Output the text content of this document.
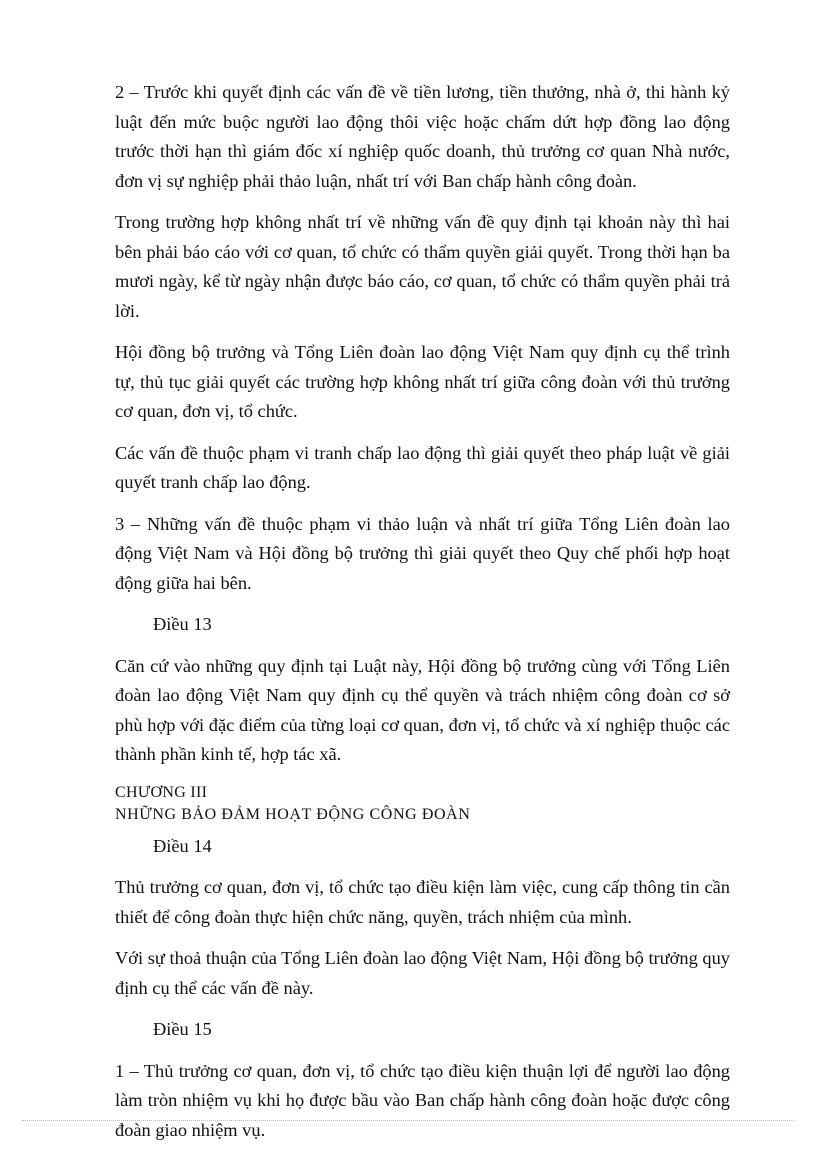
2 – Trước khi quyết định các vấn đề về tiền lương, tiền thưởng, nhà ở, thi hành kỷ luật đến mức buộc người lao động thôi việc hoặc chấm dứt hợp đồng lao động trước thời hạn thì giám đốc xí nghiệp quốc doanh, thủ trưởng cơ quan Nhà nước, đơn vị sự nghiệp phải thảo luận, nhất trí với Ban chấp hành công đoàn.

Trong trường hợp không nhất trí về những vấn đề quy định tại khoản này thì hai bên phải báo cáo với cơ quan, tổ chức có thẩm quyền giải quyết. Trong thời hạn ba mươi ngày, kể từ ngày nhận được báo cáo, cơ quan, tổ chức có thẩm quyền phải trả lời.

Hội đồng bộ trưởng và Tổng Liên đoàn lao động Việt Nam quy định cụ thể trình tự, thủ tục giải quyết các trường hợp không nhất trí giữa công đoàn với thủ trưởng cơ quan, đơn vị, tổ chức.

Các vấn đề thuộc phạm vi tranh chấp lao động thì giải quyết theo pháp luật về giải quyết tranh chấp lao động.

3 – Những vấn đề thuộc phạm vi thảo luận và nhất trí giữa Tổng Liên đoàn lao động Việt Nam và Hội đồng bộ trưởng thì giải quyết theo Quy chế phối hợp hoạt động giữa hai bên.

Điều 13

Căn cứ vào những quy định tại Luật này, Hội đồng bộ trưởng cùng với Tổng Liên đoàn lao động Việt Nam quy định cụ thể quyền và trách nhiệm công đoàn cơ sở phù hợp với đặc điểm của từng loại cơ quan, đơn vị, tổ chức và xí nghiệp thuộc các thành phần kinh tế, hợp tác xã.

CHƯƠNG III

NHỮNG BẢO ĐẢM HOẠT ĐỘNG CÔNG ĐOÀN

Điều 14

Thủ trưởng cơ quan, đơn vị, tổ chức tạo điều kiện làm việc, cung cấp thông tin cần thiết để công đoàn thực hiện chức năng, quyền, trách nhiệm của mình.

Với sự thoả thuận của Tổng Liên đoàn lao động Việt Nam, Hội đồng bộ trưởng quy định cụ thể các vấn đề này.

Điều 15

1 – Thủ trưởng cơ quan, đơn vị, tổ chức tạo điều kiện thuận lợi để người lao động làm tròn nhiệm vụ khi họ được bầu vào Ban chấp hành công đoàn hoặc được công đoàn giao nhiệm vụ.
